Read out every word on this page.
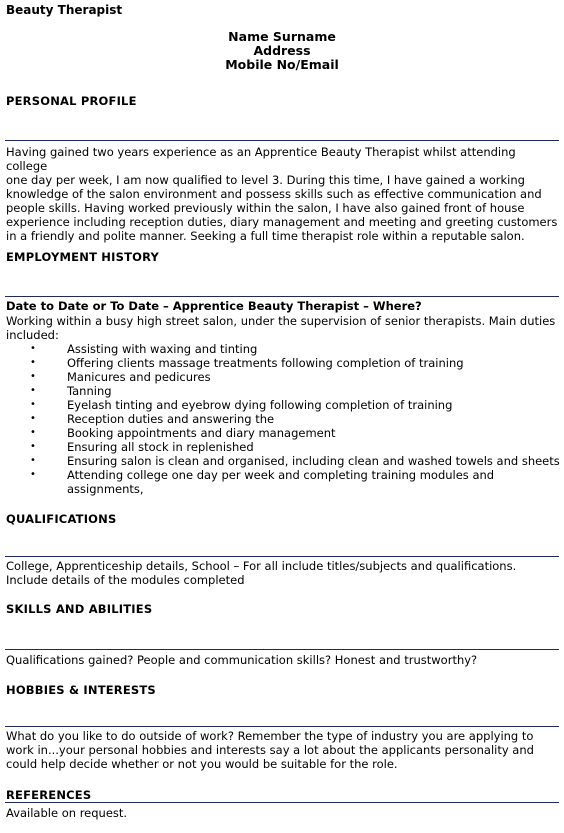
Beauty Therapist
Name Surname
Address
Mobile No/Email
PERSONAL PROFILE
Having gained two years experience as an Apprentice Beauty Therapist whilst attending college
one day per week, I am now qualified to level 3. During this time, I have gained a working
knowledge of the salon environment and possess skills such as effective communication and
people skills. Having worked previously within the salon, I have also gained front of house
experience including reception duties, diary management and meeting and greeting customers
in a friendly and polite manner. Seeking a full time therapist role within a reputable salon.
EMPLOYMENT HISTORY
Date to Date or To Date – Apprentice Beauty Therapist – Where?
Working within a busy high street salon, under the supervision of senior therapists. Main duties
included:
•	Assisting with waxing and tinting
•	Offering clients massage treatments following completion of training
•	Manicures and pedicures
•	Tanning
•	Eyelash tinting and eyebrow dying following completion of training
•	Reception duties and answering the
•	Booking appointments and diary management
•	Ensuring all stock in replenished
•	Ensuring salon is clean and organised, including clean and washed towels and sheets
•	Attending college one day per week and completing training modules and
assignments,
QUALIFICATIONS
College, Apprenticeship details, School – For all include titles/subjects and qualifications.
Include details of the modules completed
SKILLS AND ABILITIES
Qualifications gained? People and communication skills? Honest and trustworthy?
HOBBIES & INTERESTS
What do you like to do outside of work? Remember the type of industry you are applying to
work in...your personal hobbies and interests say a lot about the applicants personality and
could help decide whether or not you would be suitable for the role.
REFERENCES
Available on request.
